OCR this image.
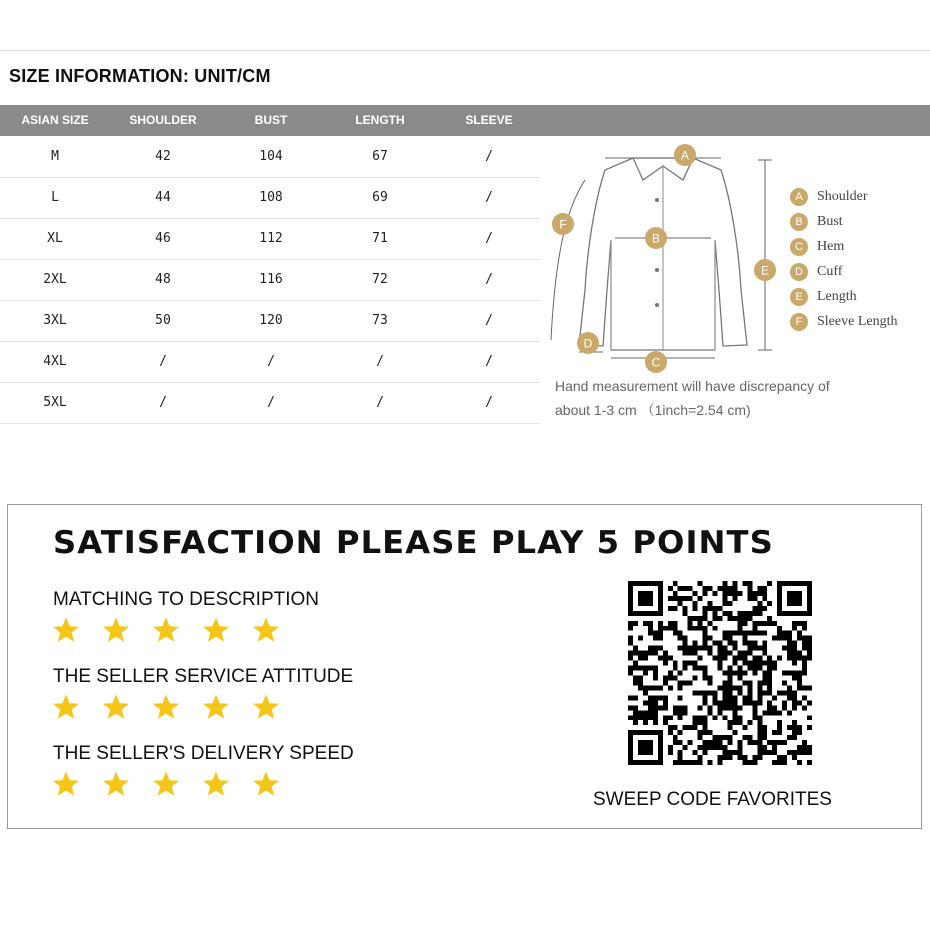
SIZE INFORMATION: UNIT/CM
ASIAN SIZE	SHOULDER	BUST	LENGTH	SLEEVE
M	42	104	67	/
L	44	108	69	/
XL	46	112	71	/
2XL	48	116	72	/
3XL	50	120	73	/
4XL	/	/	/	/
5XL	/	/	/	/
A
B
C
D
E
F
A	Shoulder
B	Bust
C	Hem
D	Cuff
E	Length
F	Sleeve Length
Hand measurement will have discrepancy of
about 1-3 cm （1inch=2.54 cm)
SATISFACTION PLEASE PLAY 5 POINTS
MATCHING TO DESCRIPTION
THE SELLER SERVICE ATTITUDE
THE SELLER'S DELIVERY SPEED
SWEEP CODE FAVORITES
